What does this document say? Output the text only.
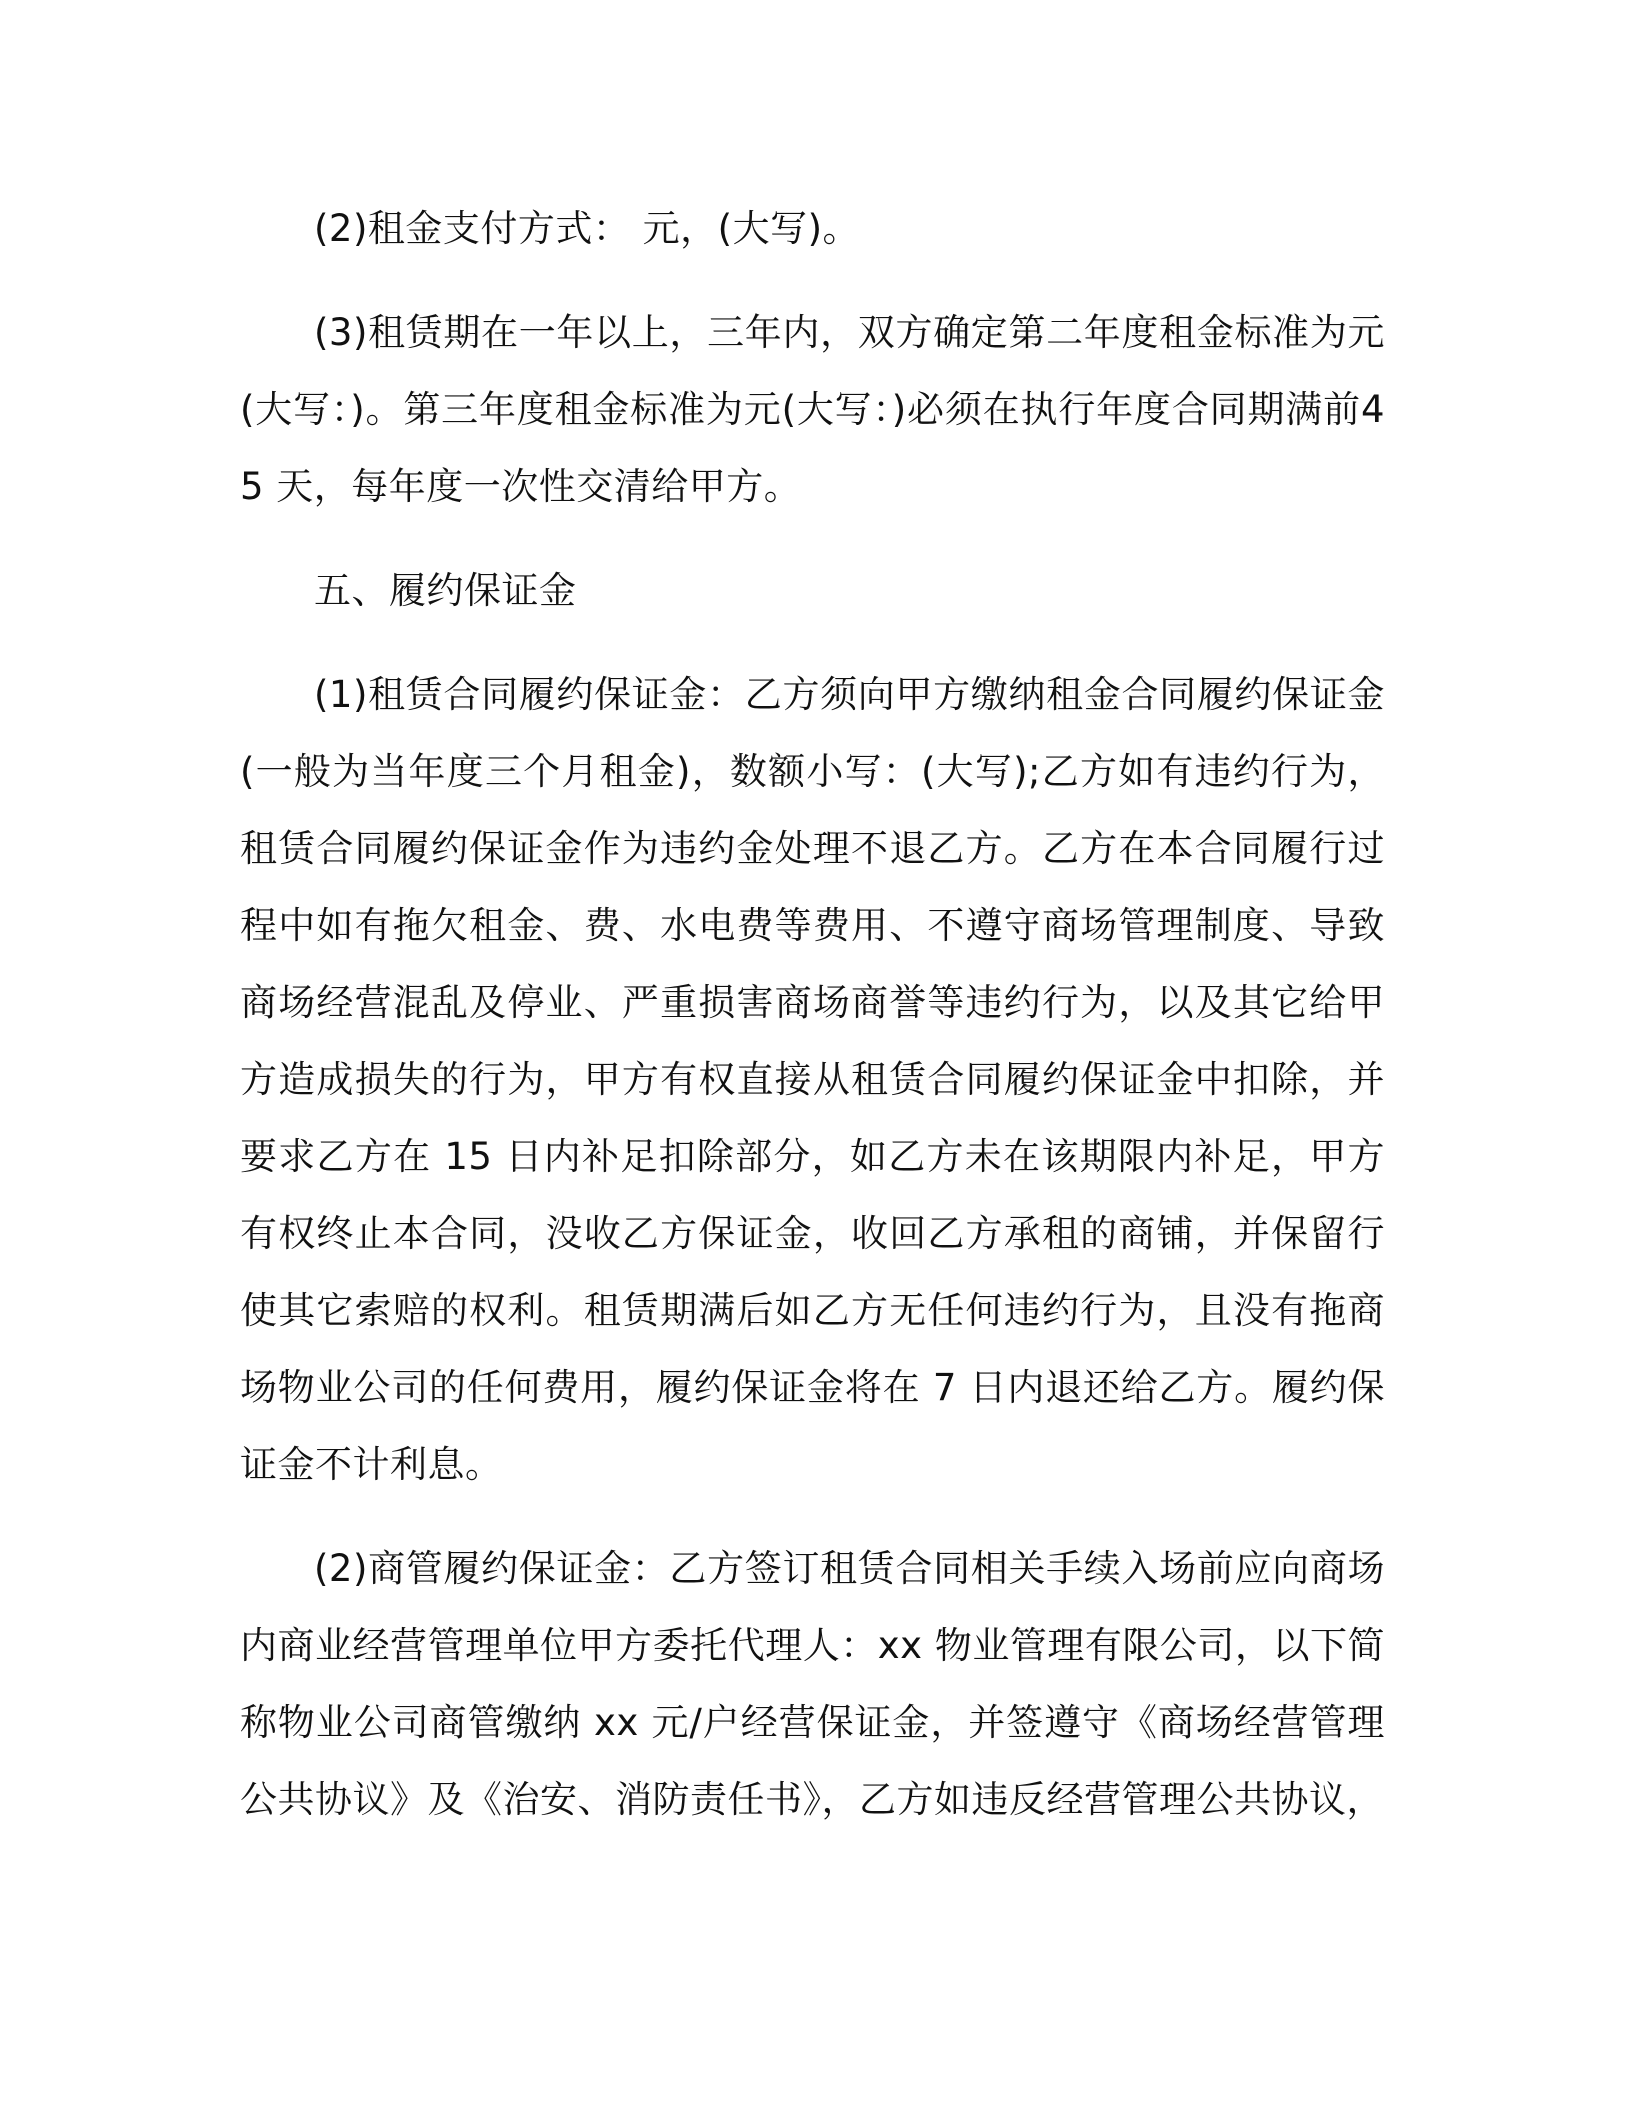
(2)租金支付方式： 元，(大写)。

(3)租赁期在一年以上，三年内，双方确定第二年度租金标准为元(大写：)。第三年度租金标准为元(大写：)必须在执行年度合同期满前45 天，每年度一次性交清给甲方。

五、履约保证金

(1)租赁合同履约保证金：乙方须向甲方缴纳租金合同履约保证金(一般为当年度三个月租金)，数额小写：(大写);乙方如有违约行为，租赁合同履约保证金作为违约金处理不退乙方。乙方在本合同履行过程中如有拖欠租金、费、水电费等费用、不遵守商场管理制度、导致商场经营混乱及停业、严重损害商场商誉等违约行为，以及其它给甲方造成损失的行为，甲方有权直接从租赁合同履约保证金中扣除，并要求乙方在 15 日内补足扣除部分，如乙方未在该期限内补足，甲方有权终止本合同，没收乙方保证金，收回乙方承租的商铺，并保留行使其它索赔的权利。租赁期满后如乙方无任何违约行为，且没有拖商场物业公司的任何费用，履约保证金将在 7 日内退还给乙方。履约保证金不计利息。

(2)商管履约保证金：乙方签订租赁合同相关手续入场前应向商场内商业经营管理单位甲方委托代理人：xx 物业管理有限公司，以下简称物业公司商管缴纳 xx 元/户经营保证金，并签遵守《商场经营管理公共协议》及《治安、消防责任书》，乙方如违反经营管理公共协议，
